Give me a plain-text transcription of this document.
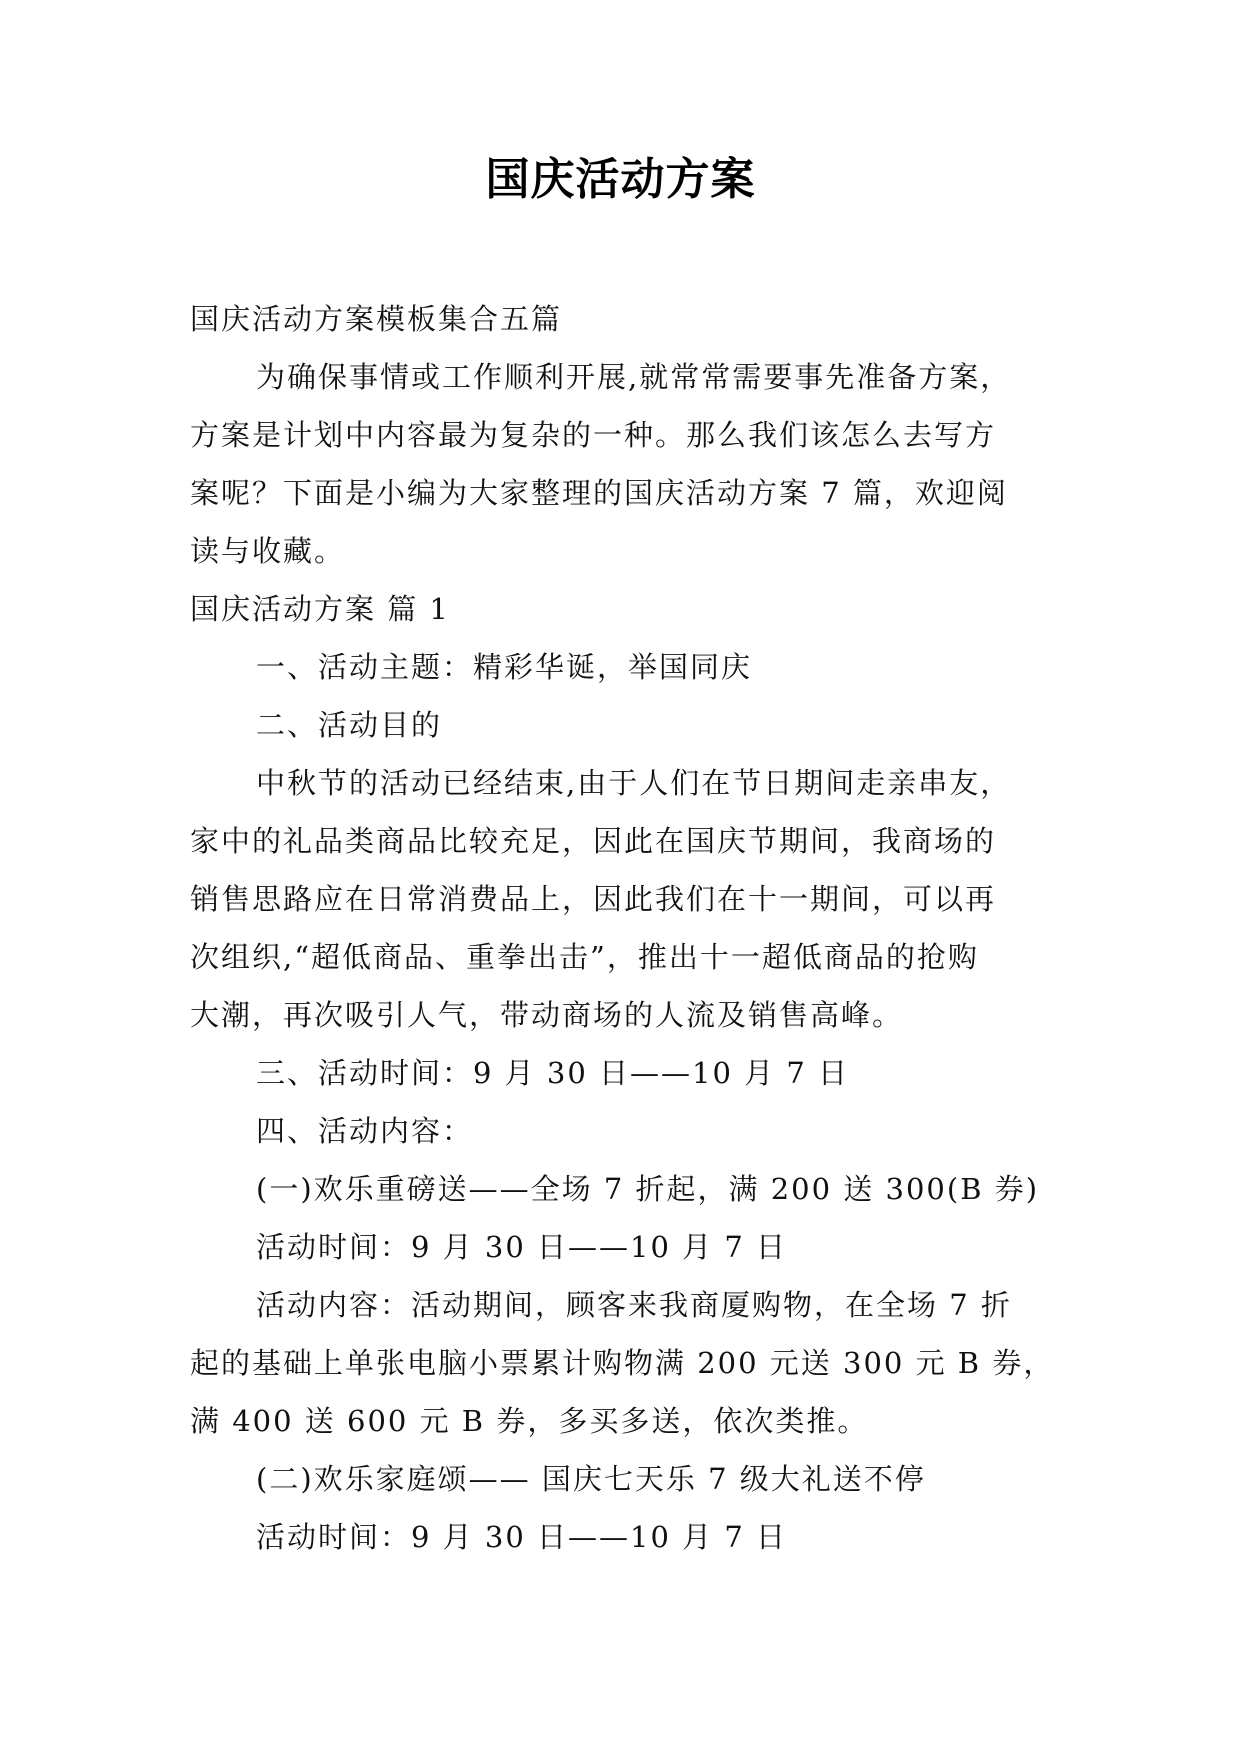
国庆活动方案
国庆活动方案模板集合五篇
为确保事情或工作顺利开展,就常常需要事先准备方案，
方案是计划中内容最为复杂的一种。那么我们该怎么去写方
案呢？下面是小编为大家整理的国庆活动方案 7 篇，欢迎阅
读与收藏。
国庆活动方案 篇 1
一、活动主题：精彩华诞，举国同庆
二、活动目的
中秋节的活动已经结束,由于人们在节日期间走亲串友，
家中的礼品类商品比较充足，因此在国庆节期间，我商场的
销售思路应在日常消费品上，因此我们在十一期间，可以再
次组织,“超低商品、重拳出击”，推出十一超低商品的抢购
大潮，再次吸引人气，带动商场的人流及销售高峰。
三、活动时间：9 月 30 日——10 月 7 日
四、活动内容：
(一)欢乐重磅送——全场 7 折起，满 200 送 300(B 券)
活动时间：9 月 30 日——10 月 7 日
活动内容：活动期间，顾客来我商厦购物，在全场 7 折
起的基础上单张电脑小票累计购物满 200 元送 300 元 B 券，
满 400 送 600 元 B 券，多买多送，依次类推。
(二)欢乐家庭颂—— 国庆七天乐 7 级大礼送不停
活动时间：9 月 30 日——10 月 7 日
